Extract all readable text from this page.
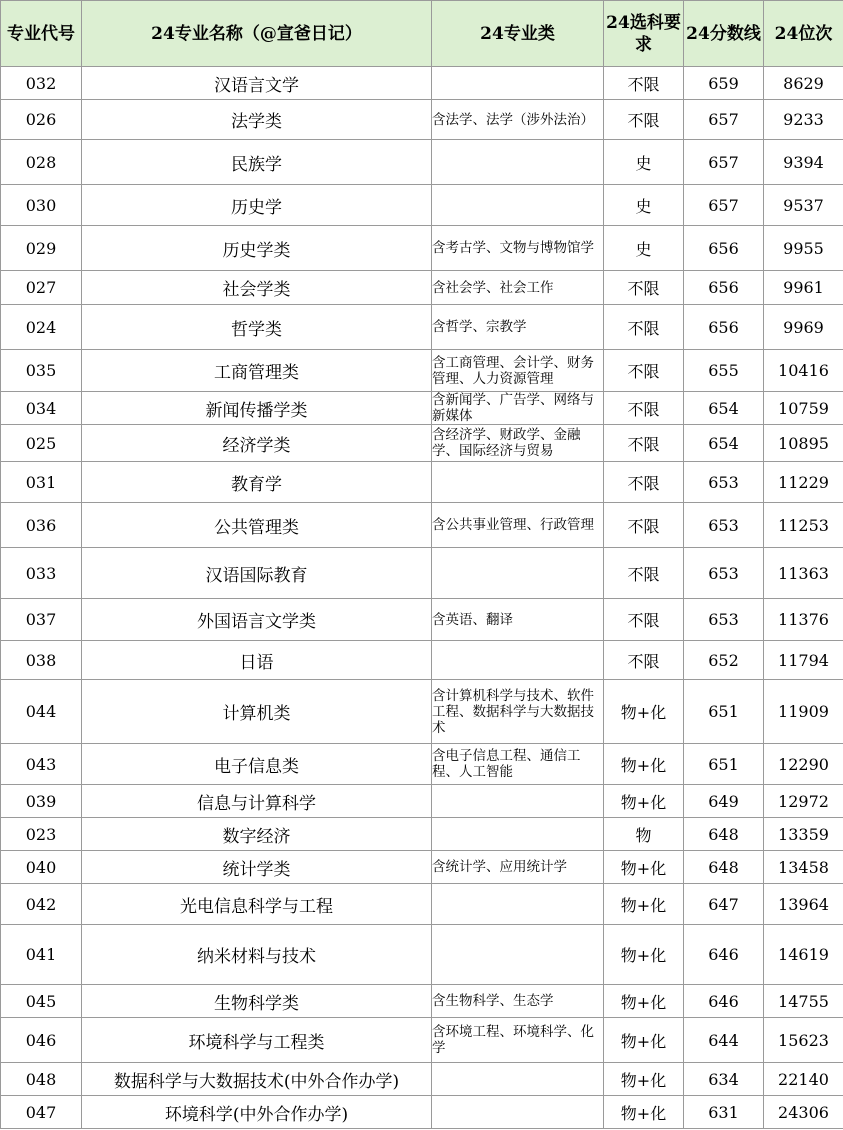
专业代号	24专业名称（@宣爸日记）	24专业类	24选科要求	24分数线	24位次
032	汉语言文学		不限	659	8629
026	法学类	含法学、法学（涉外法治）	不限	657	9233
028	民族学		史	657	9394
030	历史学		史	657	9537
029	历史学类	含考古学、文物与博物馆学	史	656	9955
027	社会学类	含社会学、社会工作	不限	656	9961
024	哲学类	含哲学、宗教学	不限	656	9969
035	工商管理类	含工商管理、会计学、财务管理、人力资源管理	不限	655	10416
034	新闻传播学类	含新闻学、广告学、网络与新媒体	不限	654	10759
025	经济学类	含经济学、财政学、金融学、国际经济与贸易	不限	654	10895
031	教育学		不限	653	11229
036	公共管理类	含公共事业管理、行政管理	不限	653	11253
033	汉语国际教育		不限	653	11363
037	外国语言文学类	含英语、翻译	不限	653	11376
038	日语		不限	652	11794
044	计算机类	含计算机科学与技术、软件工程、数据科学与大数据技术	物+化	651	11909
043	电子信息类	含电子信息工程、通信工程、人工智能	物+化	651	12290
039	信息与计算科学		物+化	649	12972
023	数字经济		物	648	13359
040	统计学类	含统计学、应用统计学	物+化	648	13458
042	光电信息科学与工程		物+化	647	13964
041	纳米材料与技术		物+化	646	14619
045	生物科学类	含生物科学、生态学	物+化	646	14755
046	环境科学与工程类	含环境工程、环境科学、化学	物+化	644	15623
048	数据科学与大数据技术(中外合作办学)		物+化	634	22140
047	环境科学(中外合作办学)		物+化	631	24306
